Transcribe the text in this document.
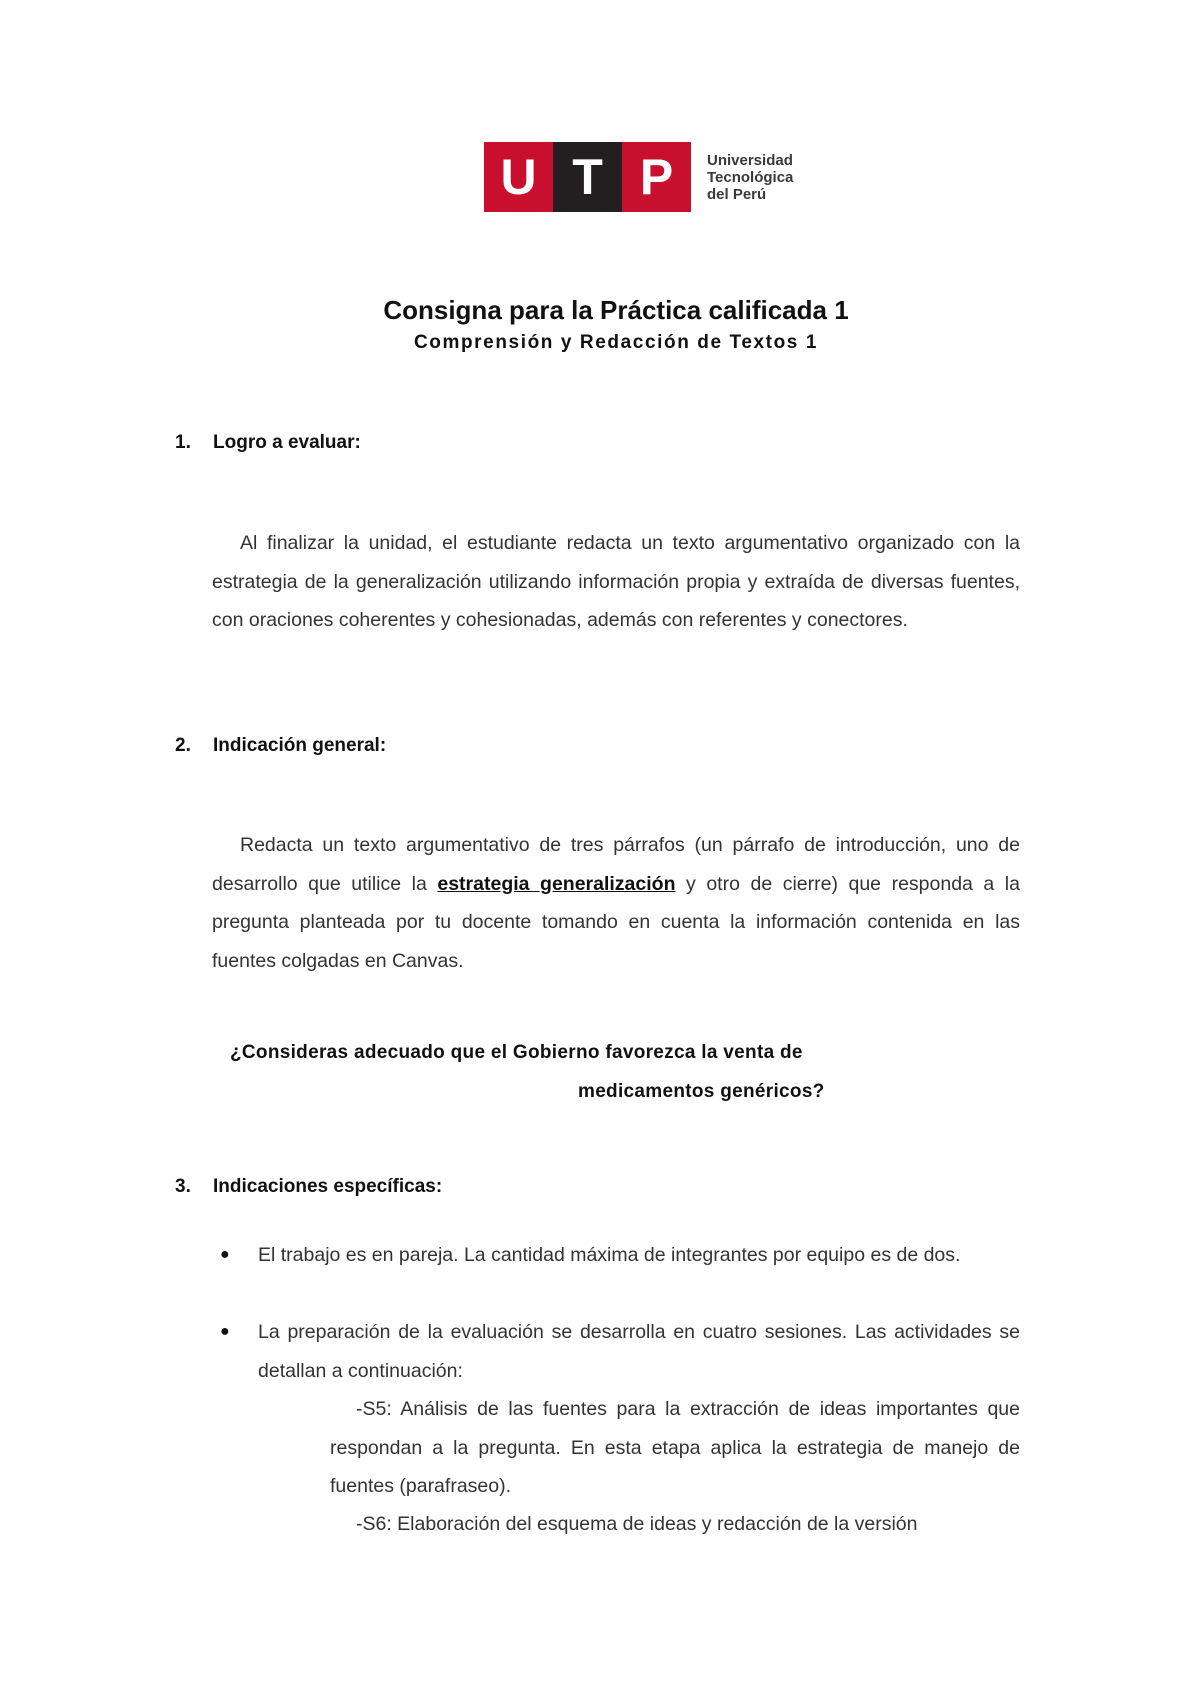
U T P	Universidad
Tecnológica
del Perú
Consigna para la Práctica calificada 1
Comprensión y Redacción de Textos 1
1.	Logro a evaluar:
Al finalizar la unidad, el estudiante redacta un texto argumentativo organizado con la estrategia de la generalización utilizando información propia y extraída de diversas fuentes, con oraciones coherentes y cohesionadas, además con referentes y conectores.
2.	Indicación general:
Redacta un texto argumentativo de tres párrafos (un párrafo de introducción, uno de desarrollo que utilice la estrategia generalización y otro de cierre) que responda a la pregunta planteada por tu docente tomando en cuenta la información contenida en las fuentes colgadas en Canvas.
¿Consideras adecuado que el Gobierno favorezca la venta de
medicamentos genéricos?
3.	Indicaciones específicas:
●	El trabajo es en pareja. La cantidad máxima de integrantes por equipo es de dos.
●	La preparación de la evaluación se desarrolla en cuatro sesiones. Las actividades se detallan a continuación:
-S5: Análisis de las fuentes para la extracción de ideas importantes que respondan a la pregunta. En esta etapa aplica la estrategia de manejo de fuentes (parafraseo).
-S6: Elaboración del esquema de ideas y redacción de la versión
